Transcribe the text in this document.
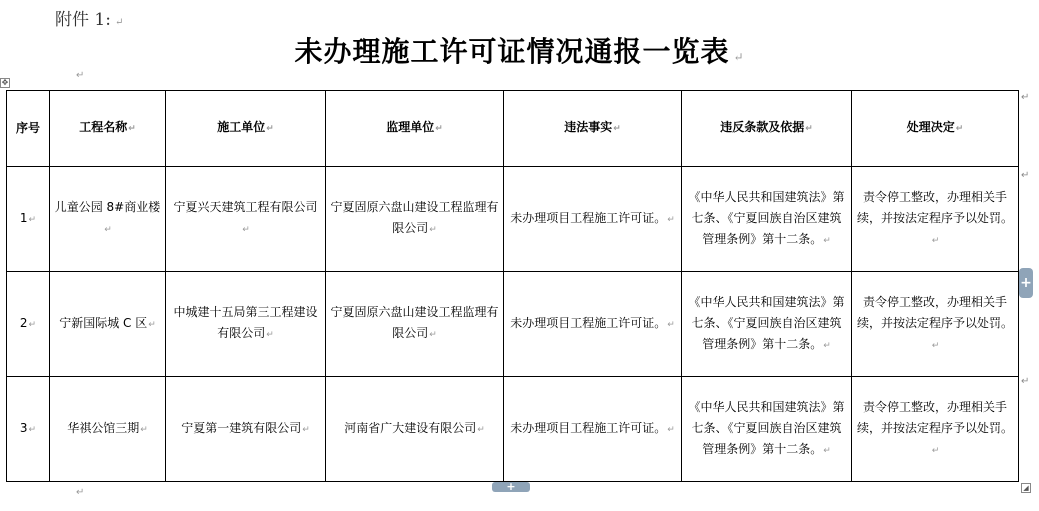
附件 1: ↵
未办理施工许可证情况通报一览表 ↵
✥
↵
序号	工程名称↵	施工单位↵	监理单位↵	违法事实↵	违反条款及依据↵	处理决定↵
1↵	儿童公园 8#商业楼↵	宁夏兴天建筑工程有限公司↵	宁夏固原六盘山建设工程监理有限公司↵	未办理项目工程施工许可证。↵	《中华人民共和国建筑法》第七条、《宁夏回族自治区建筑管理条例》第十二条。↵	责令停工整改，办理相关手续，并按法定程序予以处罚。↵
2↵	宁新国际城 C 区↵	中城建十五局第三工程建设有限公司↵	宁夏固原六盘山建设工程监理有限公司↵	未办理项目工程施工许可证。↵	《中华人民共和国建筑法》第七条、《宁夏回族自治区建筑管理条例》第十二条。↵	责令停工整改，办理相关手续，并按法定程序予以处罚。↵
3↵	华祺公馆三期↵	宁夏第一建筑有限公司↵	河南省广大建设有限公司↵	未办理项目工程施工许可证。↵	《中华人民共和国建筑法》第七条、《宁夏回族自治区建筑管理条例》第十二条。↵	责令停工整改，办理相关手续，并按法定程序予以处罚。↵
↵
↵
↵
+
+	◢
↵
